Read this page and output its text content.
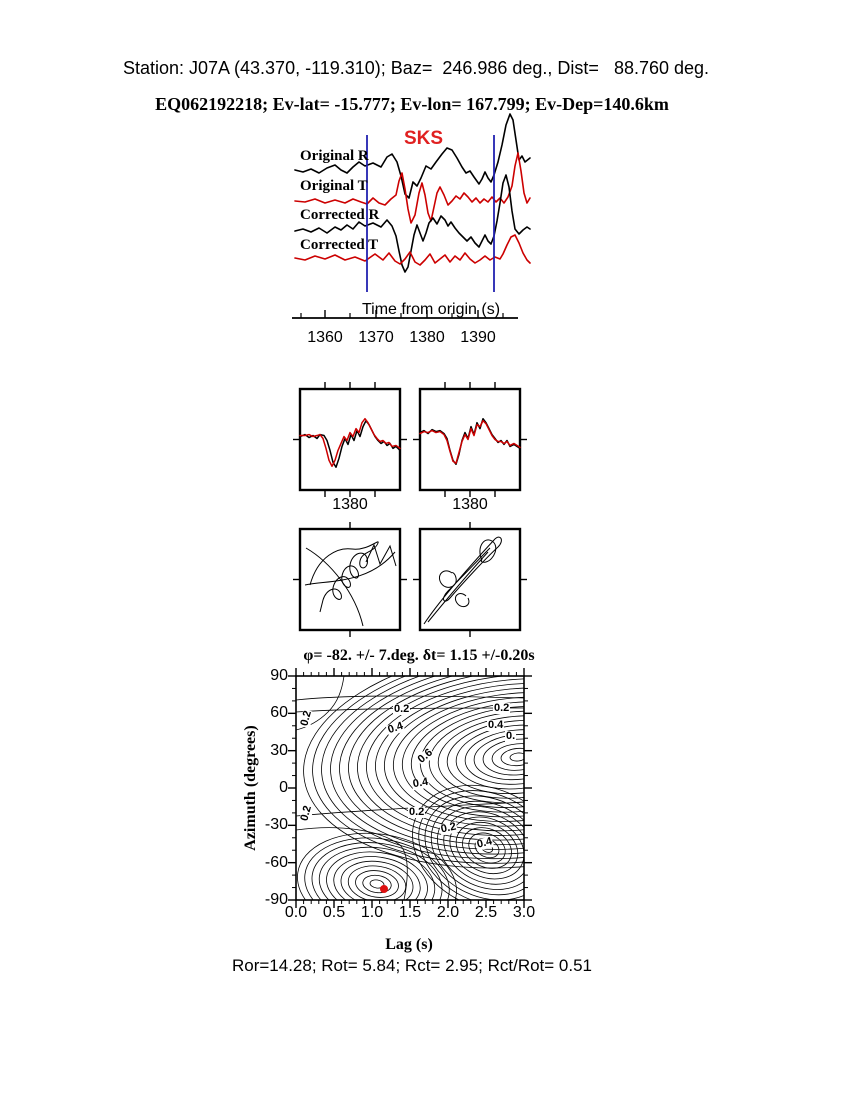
Station: J07A (43.370, -119.310); Baz=  246.986 deg., Dist=   88.760 deg.
EQ062192218; Ev-lat= -15.777; Ev-lon= 167.799; Ev-Dep=140.6km
SKS
Original R
Original T
Corrected R
Corrected T
Time from origin (s)
1360 1370 1380 1390
1380	1380
φ= -82. +/- 7.deg. δt= 1.15 +/-0.20s
Azimuth (degrees)
90
60
30
0
-30
-60
-90
0.0 0.5 1.0 1.5 2.0 2.5 3.0
Lag (s)
Ror=14.28; Rot= 5.84; Rct= 2.95; Rct/Rot= 0.51
0.2
0.2	0.2
0.4	0.4
0.
0.6
0.4
0.2	0.2
0.2
0.4
